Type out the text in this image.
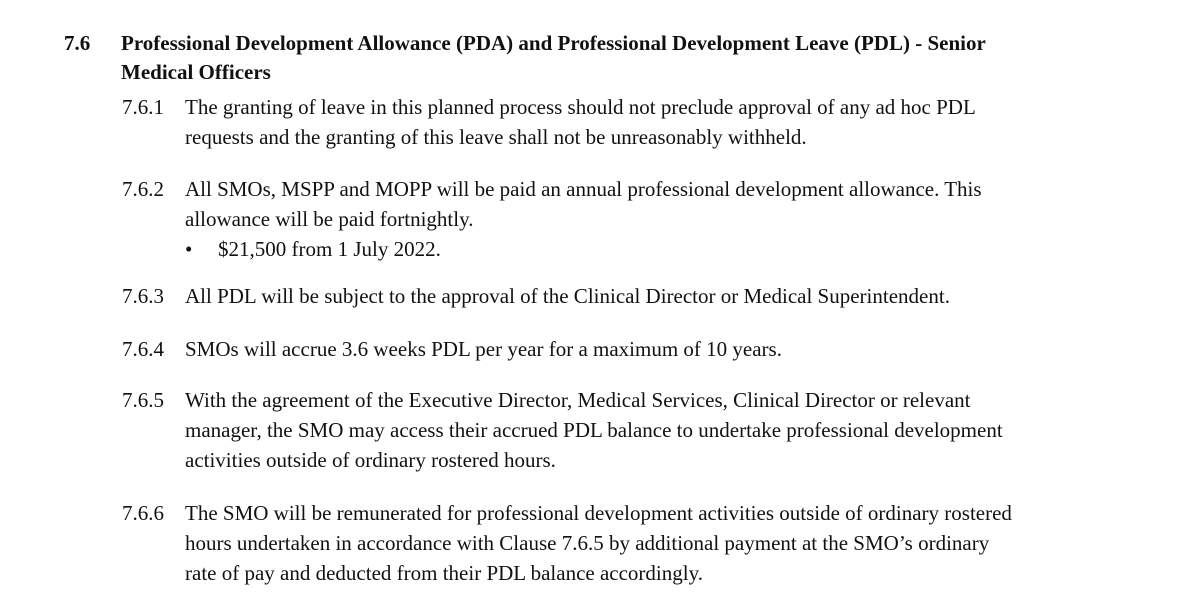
7.6 Professional Development Allowance (PDA) and Professional Development Leave (PDL) - Senior
Medical Officers
7.6.1 The granting of leave in this planned process should not preclude approval of any ad hoc PDL
requests and the granting of this leave shall not be unreasonably withheld.
7.6.2 All SMOs, MSPP and MOPP will be paid an annual professional development allowance. This
allowance will be paid fortnightly.
• $21,500 from 1 July 2022.
7.6.3 All PDL will be subject to the approval of the Clinical Director or Medical Superintendent.
7.6.4 SMOs will accrue 3.6 weeks PDL per year for a maximum of 10 years.
7.6.5 With the agreement of the Executive Director, Medical Services, Clinical Director or relevant
manager, the SMO may access their accrued PDL balance to undertake professional development
activities outside of ordinary rostered hours.
7.6.6 The SMO will be remunerated for professional development activities outside of ordinary rostered
hours undertaken in accordance with Clause 7.6.5 by additional payment at the SMO’s ordinary
rate of pay and deducted from their PDL balance accordingly.
